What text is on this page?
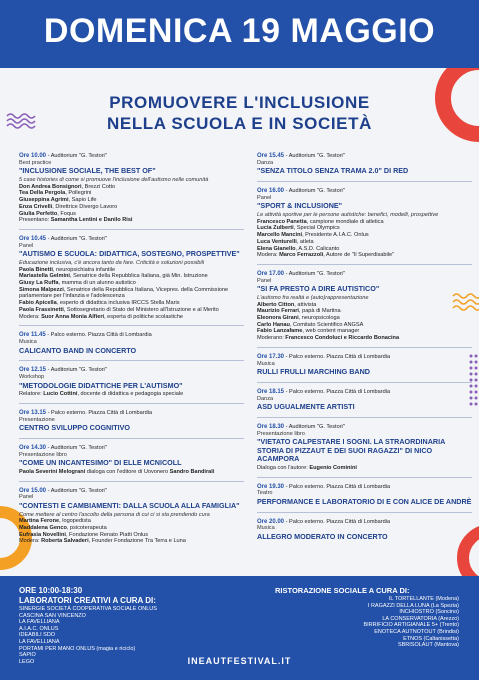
DOMENICA 19 MAGGIO
PROMUOVERE L'INCLUSIONE
NELLA SCUOLA E IN SOCIETÀ
Ore 10.00 - Auditorium "G. Testori"
Best practice
"INCLUSIONE SOCIALE, THE BEST OF"
5 case histories di come si promuove l'inclusione dell'autismo nelle comunità
Don Andrea Bonsignori, Brezzi Cotto
Tea Della Pergola, Pollegrini
Giuseppina Agrimi, Sapio Life
Enza Crivelli, Direttrice Divergo Lavoro
Giulia Perfetto, Foqus
Presentano: Samantha Lentini e Danilo Risi
Ore 10.45 - Auditorium "G. Testori"
Panel
"AUTISMO E SCUOLA: DIDATTICA, SOSTEGNO, PROSPETTIVE"
Educazione inclusiva, c'è ancora tanto da fare. Criticità e soluzioni possibili
Paola Binetti, neuropsichiatra infantile
Mariastella Gelmini, Senatrice della Repubblica Italiana, già Min. Istruzione
Giusy La Ruffa, mamma di un alunno autistico
Simona Malpezzi, Senatrice della Repubblica Italiana, Vicepres. della Commissione parlamentare per l'infanzia e l'adolescenza
Fabio Apicella, esperto di didattica inclusiva IRCCS Stella Maris
Paola Frassinetti, Sottosegretario di Stato del Ministero all'Istruzione e al Merito
Modera: Suor Anna Monia Alfieri, esperta di politiche scolastiche
Ore 11.45 - Palco esterno. Piazza Città di Lombardia
Musica
CALICANTO BAND IN CONCERTO
Ore 12.15 - Auditorium "G. Testori"
Workshop
"METODOLOGIE DIDATTICHE PER L'AUTISMO"
Relatore: Lucio Cottini, docente di didattica e pedagogia speciale
Ore 13.15 - Palco esterno. Piazza Città di Lombardia
Presentazione
CENTRO SVILUPPO COGNITIVO
Ore 14.30 - Auditorium "G. Testori"
Presentazione libro
"COME UN INCANTESIMO" DI ELLE MCNICOLL
Paola Severini Melograni dialoga con l'editore di Uovonero Sandro Bandirali
Ore 15.00 - Auditorium "G. Testori"
Panel
"CONTESTI E CAMBIAMENTI: DALLA SCUOLA ALLA FAMIGLIA"
Come mettere al centro l'ascolto della persona di cui ci si sta prendendo cura
Martina Ferone, logopedista
Maddalena Genco, psicoterapeuta
Eufrasia Novellini, Fondazione Renato Piatti Onlus
Modera: Roberta Salvaderi, Founder Fondazione Tra Terra e Luna
Ore 15.45 - Auditorium "G. Testori"
Danza
"SENZA TITOLO SENZA TRAMA 2.0" DI RED
Ore 16.00 - Auditorium "G. Testori"
Panel
"SPORT & INCLUSIONE"
Le attività sportive per le persone autistiche: benefici, modelli, prospettive
Francesco Panetta, campione mondiale di atletica
Lucia Zulberti, Special Olympics
Marcello Mancini, Presidente A.I.A.C. Onlus
Luca Venturelli, atleta
Elena Gianello, A.S.D. Calicanto
Modera: Marco Ferrazzoli, Autore de "Il Superdisabile"
Ore 17.00 - Auditorium "G. Testori"
Panel
"SI FA PRESTO A DIRE AUTISTICO"
L'autismo fra realtà e (auto)rappresentazione
Alberto Citton, attivista
Maurizio Ferrari, papà di Martina
Eleonora Girani, neuropsicologa
Carlo Hanau, Comitato Scientifico ANGSA
Fabio Lanzafame, web content manager
Moderano: Francesco Condoluci e Riccardo Bonacina
Ore 17.30 - Palco esterno. Piazza Città di Lombardia
Musica
RULLI FRULLI MARCHING BAND
Ore 18.15 - Palco esterno. Piazza Città di Lombardia
Danza
ASD UGUALMENTE ARTISTI
Ore 18.30 - Auditorium "G. Testori"
Presentazione libro
"VIETATO CALPESTARE I SOGNI. LA STRAORDINARIA STORIA DI PIZZAUT E DEI SUOI RAGAZZI" DI NICO ACAMPORA
Dialoga con l'autore: Eugenio Cominini
Ore 19.30 - Palco esterno. Piazza Città di Lombardia
Teatro
PERFORMANCE E LABORATORIO DI E CON ALICE DE ANDRÈ
Ore 20.00 - Palco esterno. Piazza Città di Lombardia
Musica
ALLEGRO MODERATO IN CONCERTO
ORE 10:00-18:30
LABORATORI CREATIVI A CURA DI:
SINERGIE SOCIETÀ COOPERATIVA SOCIALE ONLUS
CASCINA SAN VINCENZO
LA FAVELLIANA
A.I.A.C. ONLUS
IDEABILI SDO
LA FAVELLIANA
PORTAMI PER MANO ONLUS (magia e riciclo)
SAPIO
LEGO
RISTORAZIONE SOCIALE A CURA DI:
IL TORTELLANTE (Modena)
I RAGAZZI DELLA LUNA (La Spezia)
INCHIOSTRO (Soncino)
LA CONSERVATORIA (Arezzo)
BIRRIFICIO ARTIGIANALE 5+ (Trento)
ENOTECA AUTNOTOUT (Brindisi)
ETNOS (Caltanissetta)
SBRISOLAUT (Mantova)
INEAUTFESTIVAL.IT
